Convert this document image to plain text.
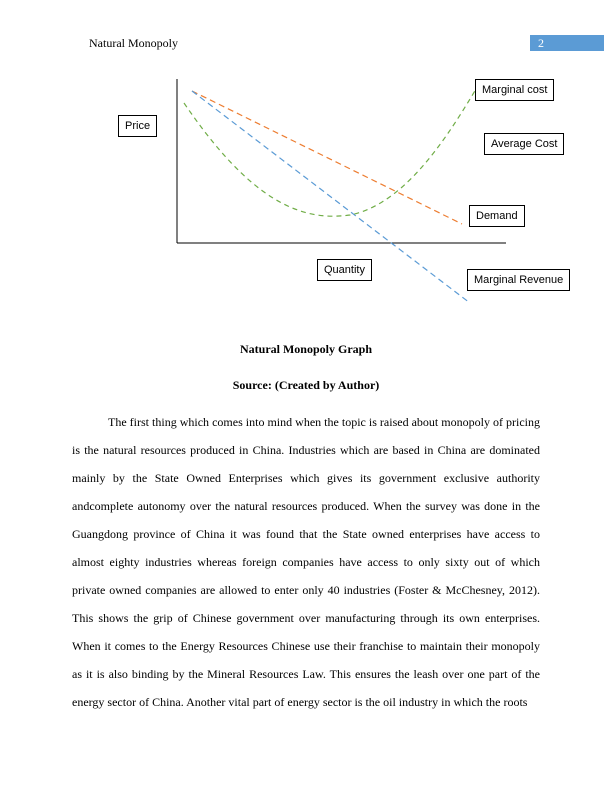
Natural Monopoly	2
Price
Marginal cost
Average Cost
Demand
Quantity
Marginal Revenue
Natural Monopoly Graph
Source: (Created by Author)

The first thing which comes into mind when the topic is raised about monopoly of pricing is the natural resources produced in China. Industries which are based in China are dominated mainly by the State Owned Enterprises which gives its government exclusive authority andcomplete autonomy over the natural resources produced. When the survey was done in the Guangdong province of China it was found that the State owned enterprises have access to almost eighty industries whereas foreign companies have access to only sixty out of which private owned companies are allowed to enter only 40 industries (Foster & McChesney, 2012). This shows the grip of Chinese government over manufacturing through its own enterprises. When it comes to the Energy Resources Chinese use their franchise to maintain their monopoly as it is also binding by the Mineral Resources Law. This ensures the leash over one part of the energy sector of China. Another vital part of energy sector is the oil industry in which the roots
